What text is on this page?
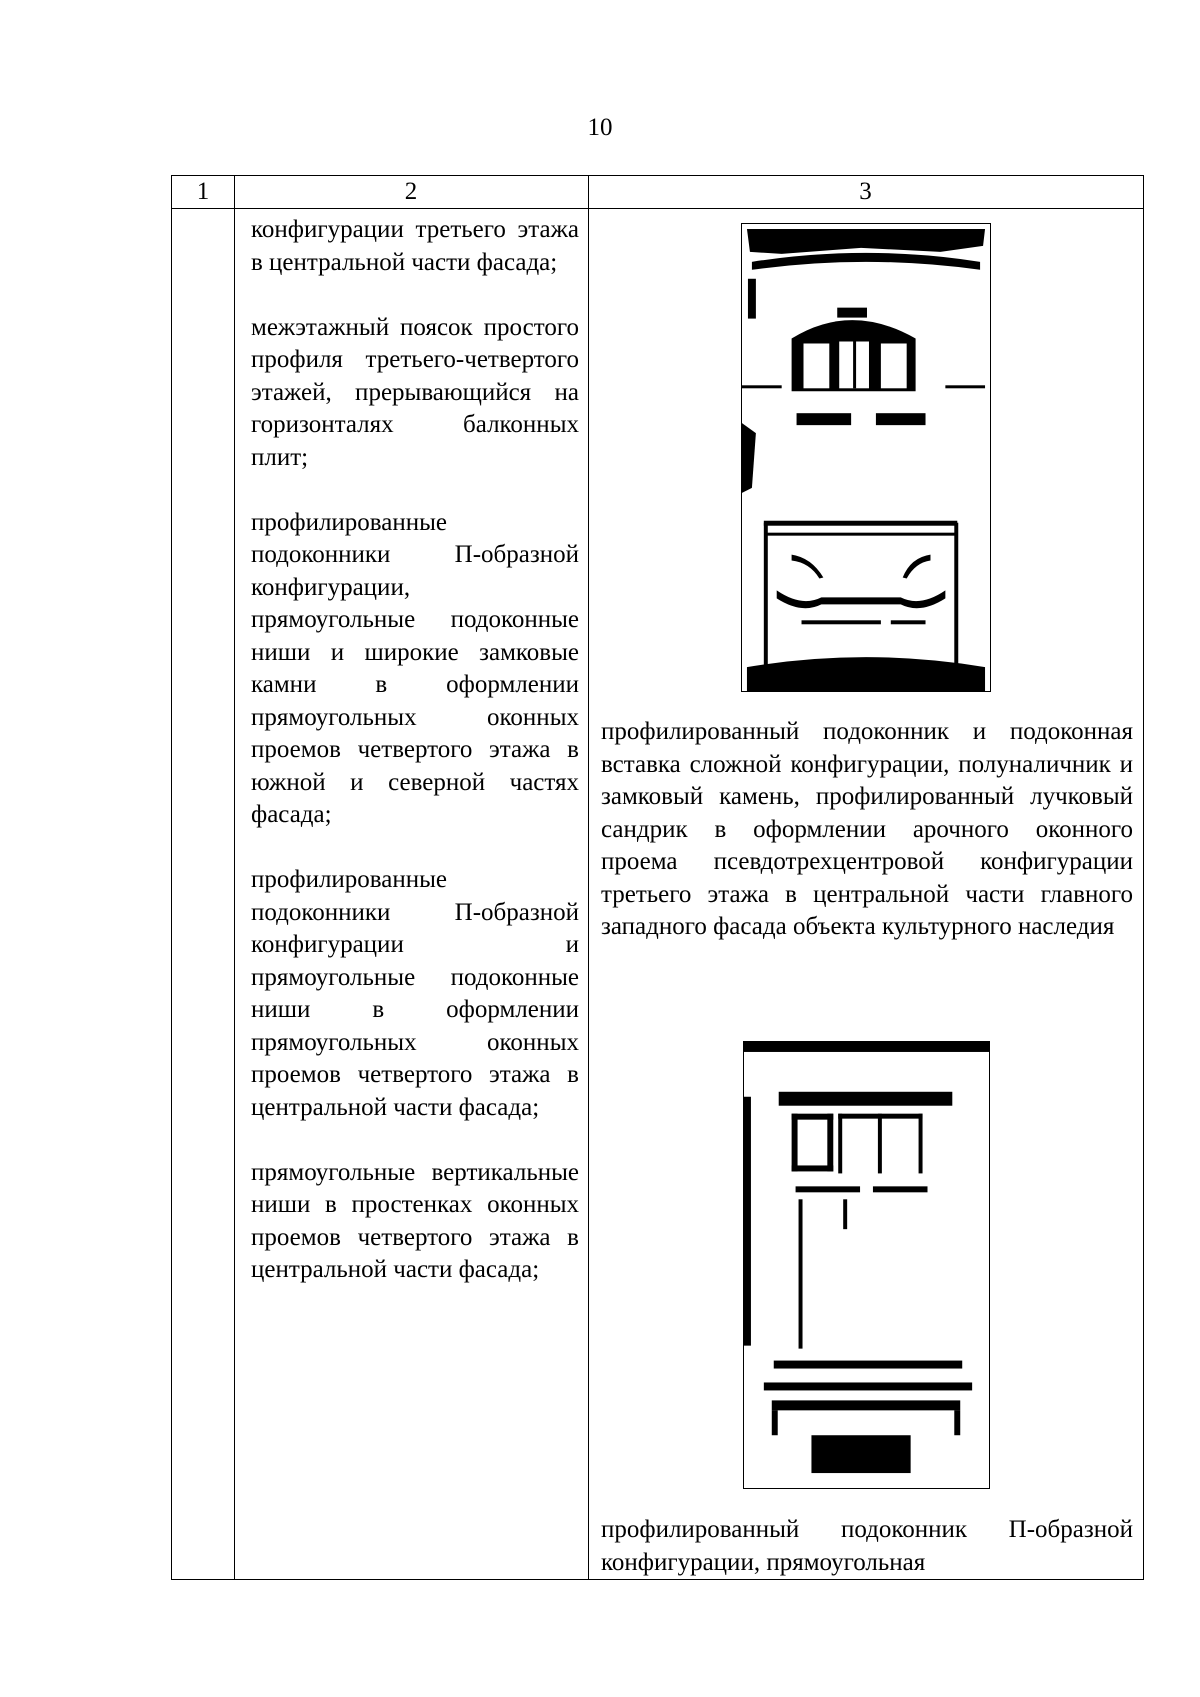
10
1	2	3

конфигурации третьего этажа в центральной части фасада;

межэтажный поясок простого профиля третьего-четвертого этажей, прерывающийся на горизонталях балконных плит;

профилированные подоконники П-образной конфигурации, прямоугольные подоконные ниши и широкие замковые камни в оформлении прямоугольных оконных проемов четвертого этажа в южной и северной частях фасада;

профилированные подоконники П-образной конфигурации и прямоугольные подоконные ниши в оформлении прямоугольных оконных проемов четвертого этажа в центральной части фасада;

прямоугольные вертикальные ниши в простенках оконных проемов четвертого этажа в центральной части фасада;

профилированный подоконник и подоконная вставка сложной конфигурации, полуналичник и замковый камень, профилированный лучковый сандрик в оформлении арочного оконного проема псевдотрехцентровой конфигурации третьего этажа в центральной части главного западного фасада объекта культурного наследия

профилированный подоконник П-образной конфигурации, прямоугольная
